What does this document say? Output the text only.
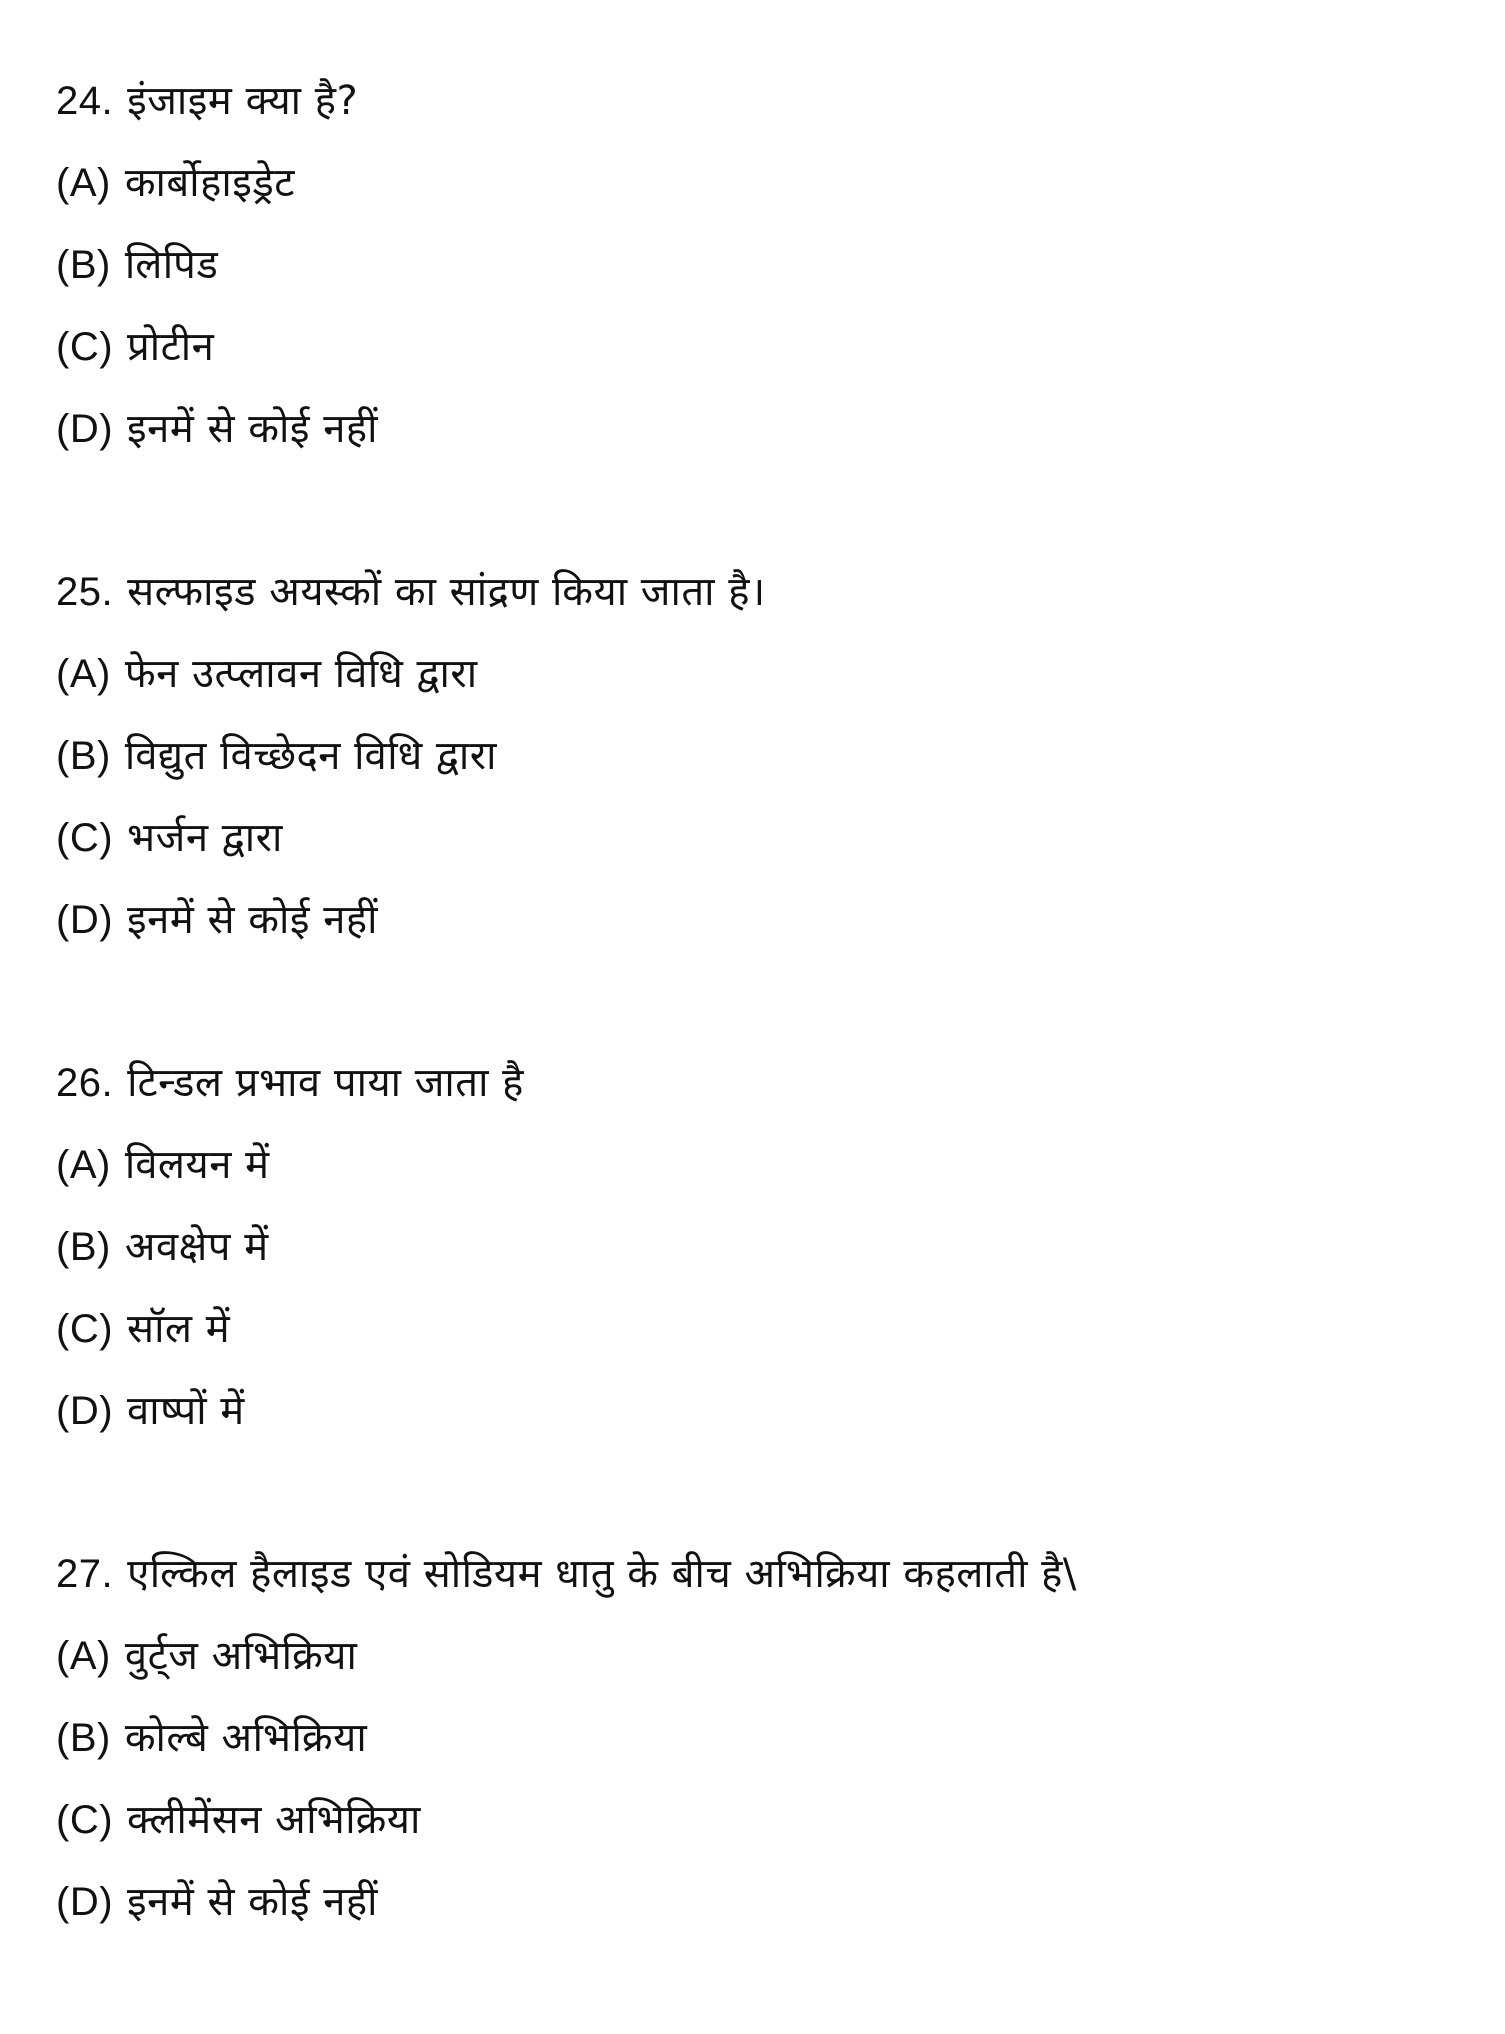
24. इंजाइम क्या है?
(A) कार्बोहाइड्रेट
(B) लिपिड
(C) प्रोटीन
(D) इनमें से कोई नहीं
25. सल्फाइड अयस्कों का सांद्रण किया जाता है।
(A) फेन उत्प्लावन विधि द्वारा
(B) विद्युत विच्छेदन विधि द्वारा
(C) भर्जन द्वारा
(D) इनमें से कोई नहीं
26. टिन्डल प्रभाव पाया जाता है
(A) विलयन में
(B) अवक्षेप में
(C) सॉल में
(D) वाष्पों में
27. एल्किल हैलाइड एवं सोडियम धातु के बीच अभिक्रिया कहलाती है\
(A) वुर्ट्ज अभिक्रिया
(B) कोल्बे अभिक्रिया
(C) क्लीमेंसन अभिक्रिया
(D) इनमें से कोई नहीं
